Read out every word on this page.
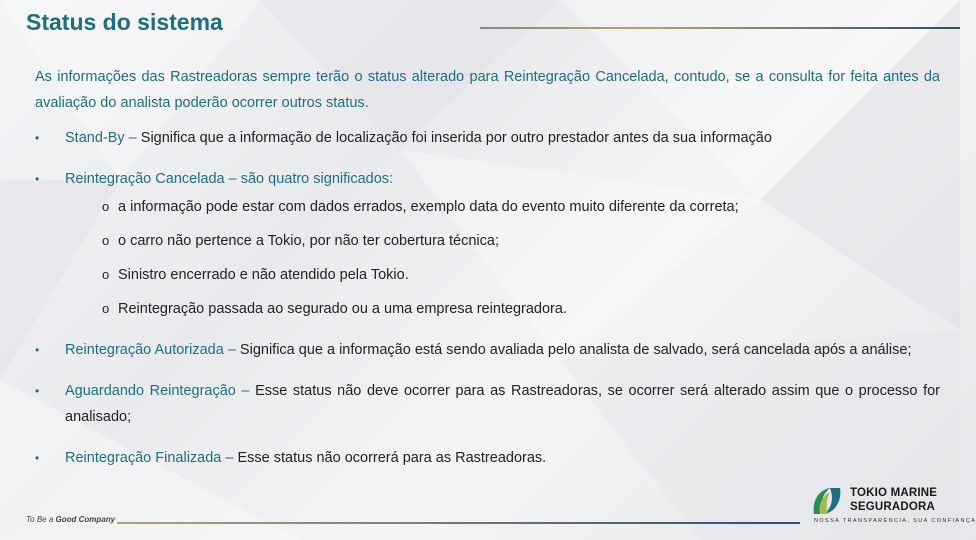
Status do sistema

As informações das Rastreadoras sempre terão o status alterado para Reintegração Cancelada, contudo, se a consulta for feita antes da avaliação do analista poderão ocorrer outros status.

• Stand-By – Significa que a informação de localização foi inserida por outro prestador antes da sua informação
• Reintegração Cancelada – são quatro significados:
o a informação pode estar com dados errados, exemplo data do evento muito diferente da correta;
o o carro não pertence a Tokio, por não ter cobertura técnica;
o Sinistro encerrado e não atendido pela Tokio.
o Reintegração passada ao segurado ou a uma empresa reintegradora.
• Reintegração Autorizada – Significa que a informação está sendo avaliada pelo analista de salvado, será cancelada após a análise;
• Aguardando Reintegração – Esse status não deve ocorrer para as Rastreadoras, se ocorrer será alterado assim que o processo for analisado;
• Reintegração Finalizada – Esse status não ocorrerá para as Rastreadoras.
To Be a Good Company
TOKIO MARINE
SEGURADORA
NOSSA TRANSPARÊNCIA, SUA CONFIANÇA
